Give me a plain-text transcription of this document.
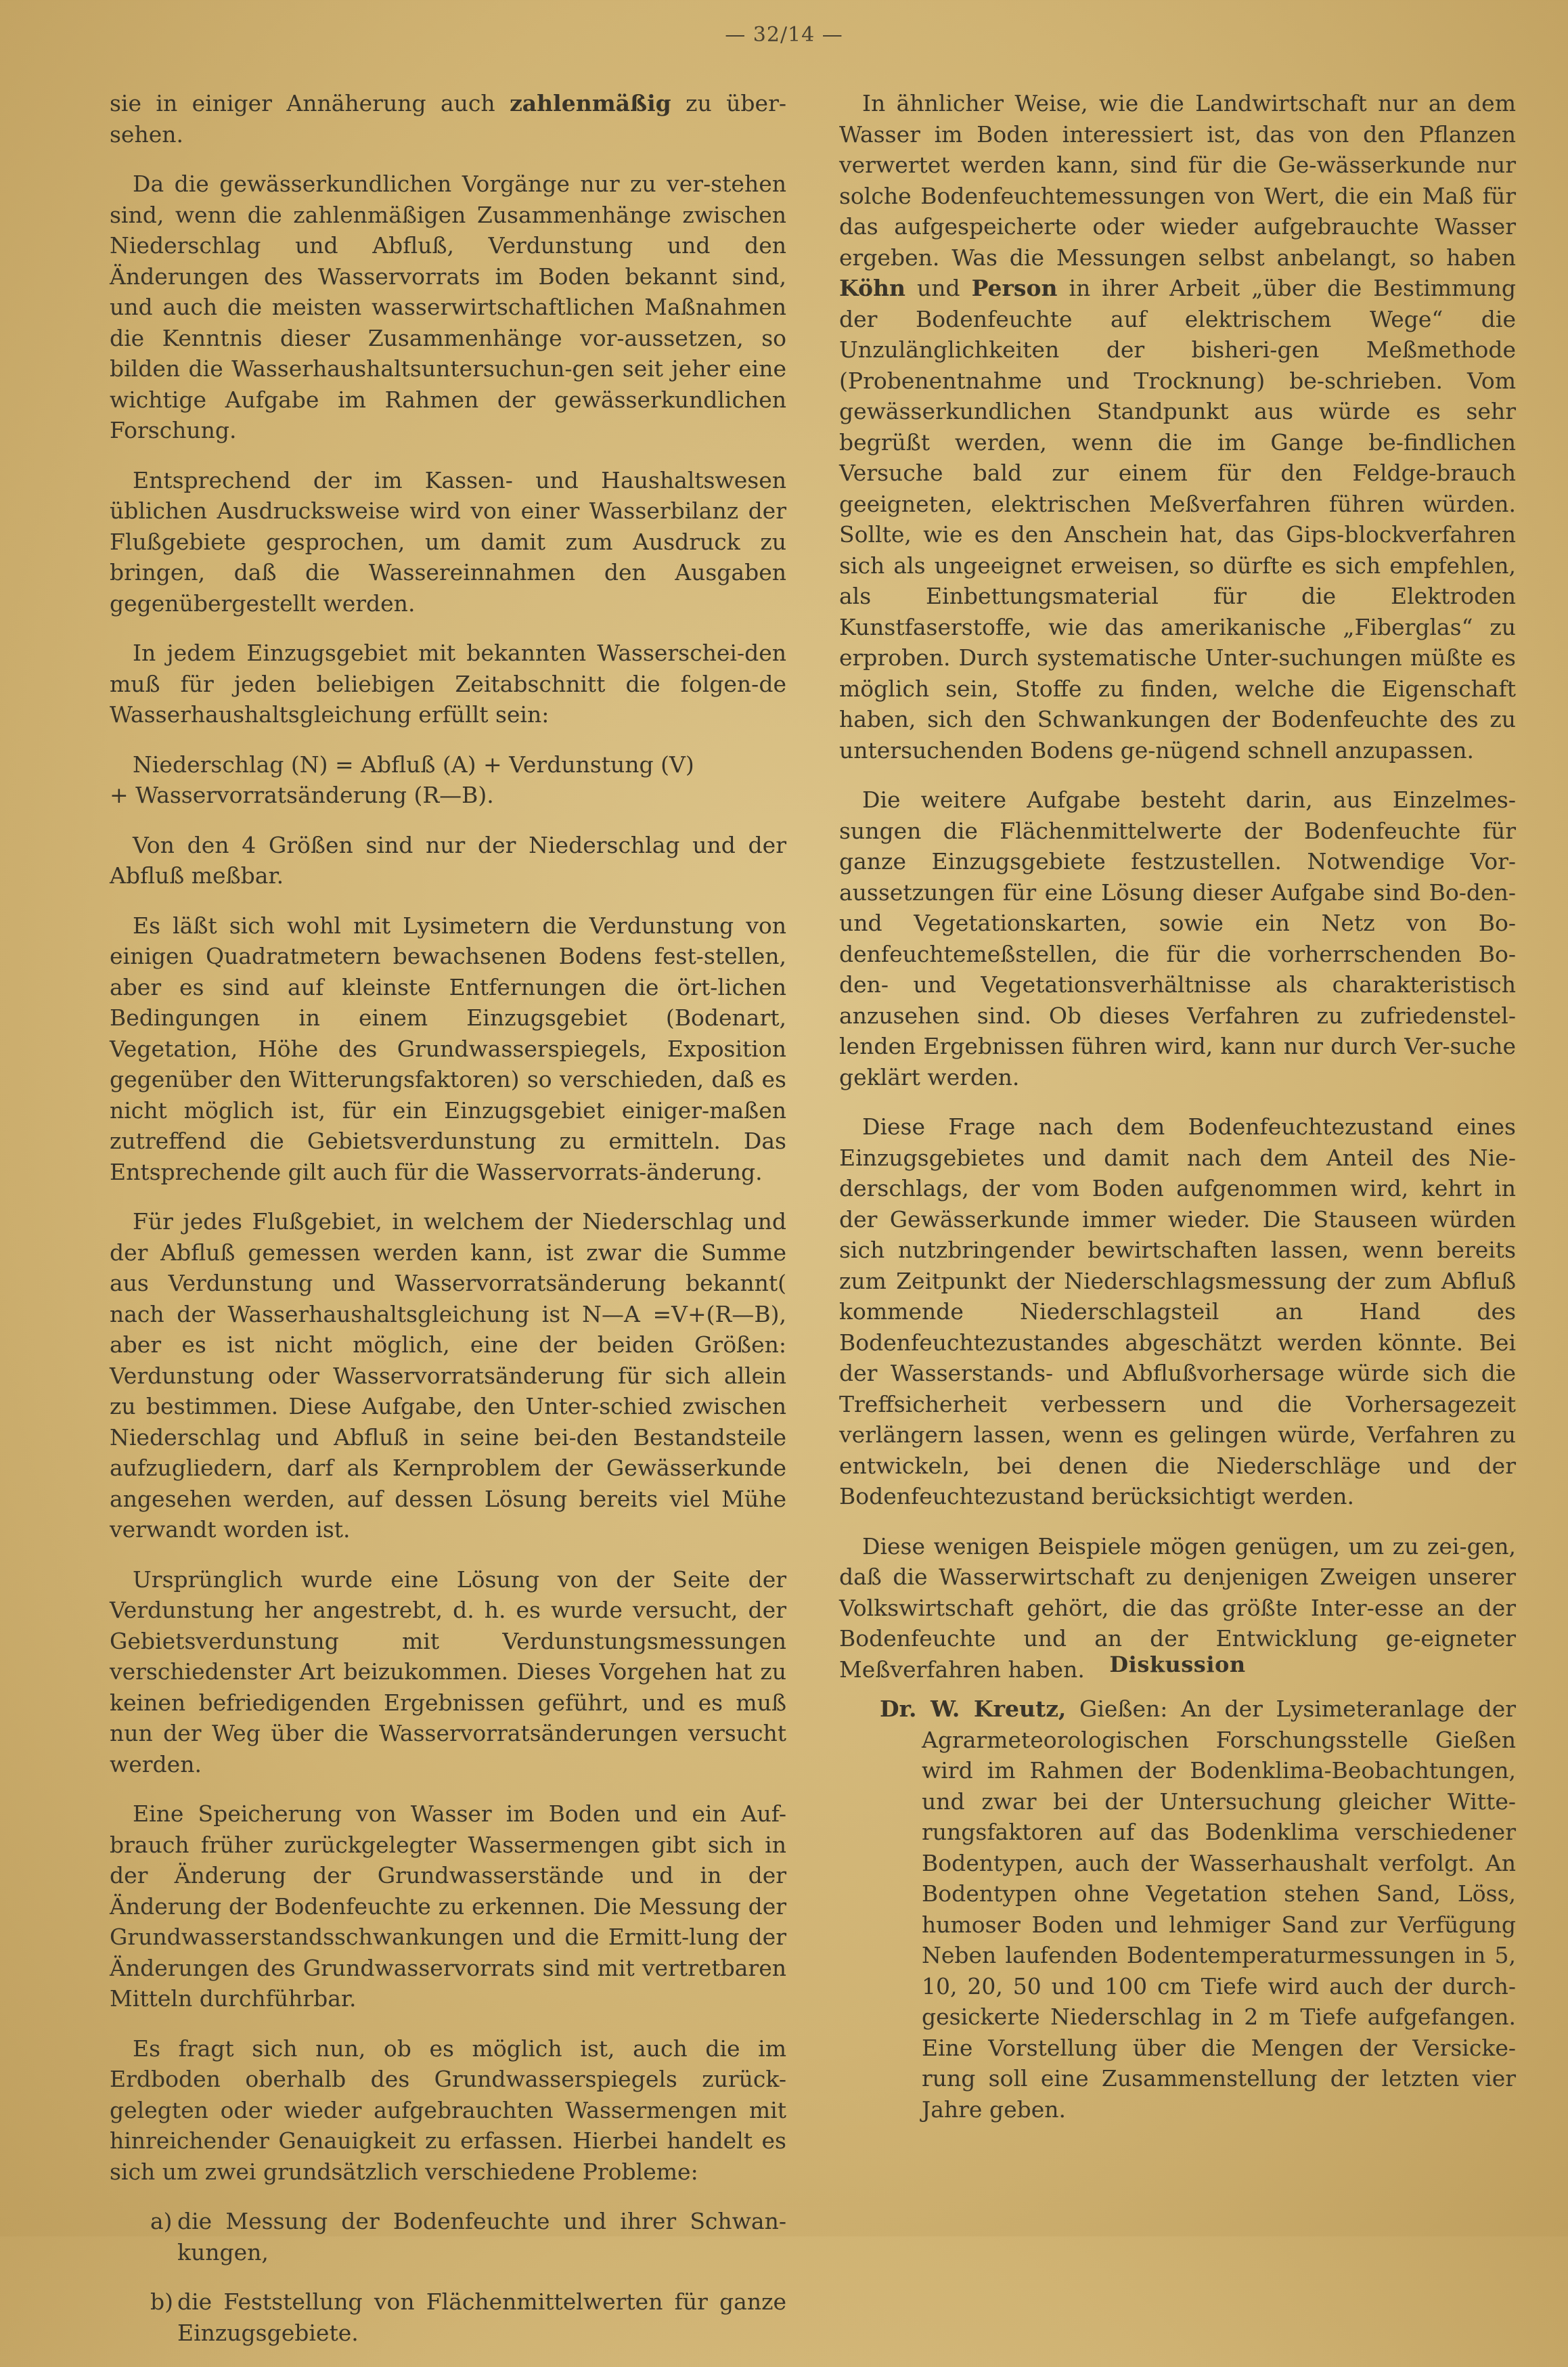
— 32/14 —

sie in einiger Annäherung auch zahlenmäßig zu über-sehen.

Da die gewässerkundlichen Vorgänge nur zu ver-stehen sind, wenn die zahlenmäßigen Zusammenhänge zwischen Niederschlag und Abfluß, Verdunstung und den Änderungen des Wasservorrats im Boden bekannt sind, und auch die meisten wasserwirtschaftlichen Maßnahmen die Kenntnis dieser Zusammenhänge vor-aussetzen, so bilden die Wasserhaushaltsuntersuchun-gen seit jeher eine wichtige Aufgabe im Rahmen der gewässerkundlichen Forschung.

Entsprechend der im Kassen- und Haushaltswesen üblichen Ausdrucksweise wird von einer Wasserbilanz der Flußgebiete gesprochen, um damit zum Ausdruck zu bringen, daß die Wassereinnahmen den Ausgaben gegenübergestellt werden.

In jedem Einzugsgebiet mit bekannten Wasserschei-den muß für jeden beliebigen Zeitabschnitt die folgen-de Wasserhaushaltsgleichung erfüllt sein:

Niederschlag (N) = Abfluß (A) + Verdunstung (V)
+ Wasservorratsänderung (R—B).

Von den 4 Größen sind nur der Niederschlag und der Abfluß meßbar.

Es läßt sich wohl mit Lysimetern die Verdunstung von einigen Quadratmetern bewachsenen Bodens fest-stellen, aber es sind auf kleinste Entfernungen die ört-lichen Bedingungen in einem Einzugsgebiet (Bodenart, Vegetation, Höhe des Grundwasserspiegels, Exposition gegenüber den Witterungsfaktoren) so verschieden, daß es nicht möglich ist, für ein Einzugsgebiet einiger-maßen zutreffend die Gebietsverdunstung zu ermitteln. Das Entsprechende gilt auch für die Wasservorrats-änderung.

Für jedes Flußgebiet, in welchem der Niederschlag und der Abfluß gemessen werden kann, ist zwar die Summe aus Verdunstung und Wasservorratsänderung bekannt( nach der Wasserhaushaltsgleichung ist N—A =V+(R—B), aber es ist nicht möglich, eine der beiden Größen: Verdunstung oder Wasservorratsänderung für sich allein zu bestimmen. Diese Aufgabe, den Unter-schied zwischen Niederschlag und Abfluß in seine bei-den Bestandsteile aufzugliedern, darf als Kernproblem der Gewässerkunde angesehen werden, auf dessen Lösung bereits viel Mühe verwandt worden ist.

Ursprünglich wurde eine Lösung von der Seite der Verdunstung her angestrebt, d. h. es wurde versucht, der Gebietsverdunstung mit Verdunstungsmessungen verschiedenster Art beizukommen. Dieses Vorgehen hat zu keinen befriedigenden Ergebnissen geführt, und es muß nun der Weg über die Wasservorratsänderungen versucht werden.

Eine Speicherung von Wasser im Boden und ein Auf-brauch früher zurückgelegter Wassermengen gibt sich in der Änderung der Grundwasserstände und in der Änderung der Bodenfeuchte zu erkennen. Die Messung der Grundwasserstandsschwankungen und die Ermitt-lung der Änderungen des Grundwasservorrats sind mit vertretbaren Mitteln durchführbar.

Es fragt sich nun, ob es möglich ist, auch die im Erdboden oberhalb des Grundwasserspiegels zurück-gelegten oder wieder aufgebrauchten Wassermengen mit hinreichender Genauigkeit zu erfassen. Hierbei handelt es sich um zwei grundsätzlich verschiedene Probleme:

a) die Messung der Bodenfeuchte und ihrer Schwan-kungen,
b) die Feststellung von Flächenmittelwerten für ganze Einzugsgebiete.

In ähnlicher Weise, wie die Landwirtschaft nur an dem Wasser im Boden interessiert ist, das von den Pflanzen verwertet werden kann, sind für die Ge-wässerkunde nur solche Bodenfeuchtemessungen von Wert, die ein Maß für das aufgespeicherte oder wieder aufgebrauchte Wasser ergeben. Was die Messungen selbst anbelangt, so haben Köhn und Person in ihrer Arbeit „über die Bestimmung der Bodenfeuchte auf elektrischem Wege“ die Unzulänglichkeiten der bisheri-gen Meßmethode (Probenentnahme und Trocknung) be-schrieben. Vom gewässerkundlichen Standpunkt aus würde es sehr begrüßt werden, wenn die im Gange be-findlichen Versuche bald zur einem für den Feldge-brauch geeigneten, elektrischen Meßverfahren führen würden. Sollte, wie es den Anschein hat, das Gips-blockverfahren sich als ungeeignet erweisen, so dürfte es sich empfehlen, als Einbettungsmaterial für die Elektroden Kunstfaserstoffe, wie das amerikanische „Fiberglas“ zu erproben. Durch systematische Unter-suchungen müßte es möglich sein, Stoffe zu finden, welche die Eigenschaft haben, sich den Schwankungen der Bodenfeuchte des zu untersuchenden Bodens ge-nügend schnell anzupassen.

Die weitere Aufgabe besteht darin, aus Einzelmes-sungen die Flächenmittelwerte der Bodenfeuchte für ganze Einzugsgebiete festzustellen. Notwendige Vor-aussetzungen für eine Lösung dieser Aufgabe sind Bo-den- und Vegetationskarten, sowie ein Netz von Bo-denfeuchtemeßstellen, die für die vorherrschenden Bo-den- und Vegetationsverhältnisse als charakteristisch anzusehen sind. Ob dieses Verfahren zu zufriedenstel-lenden Ergebnissen führen wird, kann nur durch Ver-suche geklärt werden.

Diese Frage nach dem Bodenfeuchtezustand eines Einzugsgebietes und damit nach dem Anteil des Nie-derschlags, der vom Boden aufgenommen wird, kehrt in der Gewässerkunde immer wieder. Die Stauseen würden sich nutzbringender bewirtschaften lassen, wenn bereits zum Zeitpunkt der Niederschlagsmessung der zum Abfluß kommende Niederschlagsteil an Hand des Bodenfeuchtezustandes abgeschätzt werden könnte. Bei der Wasserstands- und Abflußvorhersage würde sich die Treffsicherheit verbessern und die Vorhersagezeit verlängern lassen, wenn es gelingen würde, Verfahren zu entwickeln, bei denen die Niederschläge und der Bodenfeuchtezustand berücksichtigt werden.

Diese wenigen Beispiele mögen genügen, um zu zei-gen, daß die Wasserwirtschaft zu denjenigen Zweigen unserer Volkswirtschaft gehört, die das größte Inter-esse an der Bodenfeuchte und an der Entwicklung ge-eigneter Meßverfahren haben.	Diskussion

Dr. W. Kreutz, Gießen: An der Lysimeteranlage der Agrarmeteorologischen Forschungsstelle Gießen wird im Rahmen der Bodenklima-Beobachtungen, und zwar bei der Untersuchung gleicher Witte-rungsfaktoren auf das Bodenklima verschiedener Bodentypen, auch der Wasserhaushalt verfolgt. An Bodentypen ohne Vegetation stehen Sand, Löss, humoser Boden und lehmiger Sand zur Verfügung Neben laufenden Bodentemperaturmessungen in 5, 10, 20, 50 und 100 cm Tiefe wird auch der durch-gesickerte Niederschlag in 2 m Tiefe aufgefangen. Eine Vorstellung über die Mengen der Versicke-rung soll eine Zusammenstellung der letzten vier Jahre geben.
